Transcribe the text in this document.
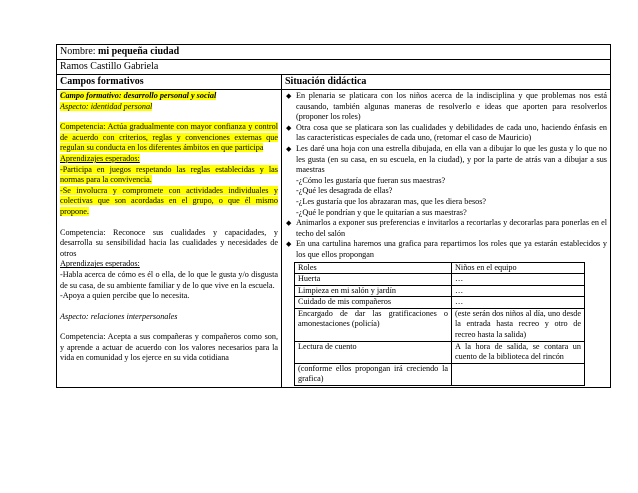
Nombre: mi pequeña ciudad
Ramos Castillo Gabriela
Campos formativos	Situación didáctica

Campo formativo: desarrollo personal y social

Aspecto: identidad personal

Competencia: Actúa gradualmente con mayor confianza y control de acuerdo con criterios, reglas y convenciones externas que regulan su conducta en los diferentes ámbitos en que participa

Aprendizajes esperados:

-Participa en juegos respetando las reglas establecidas y las normas para la convivencia.

-Se involucra y compromete con actividades individuales y colectivas que son acordadas en el grupo, o que él mismo propone.

Competencia: Reconoce sus cualidades y capacidades, y desarrolla su sensibilidad hacia las cualidades y necesidades de otros

Aprendizajes esperados:

-Habla acerca de cómo es él o ella, de lo que le gusta y/o disgusta de su casa, de su ambiente familiar y de lo que vive en la escuela.

-Apoya a quien percibe que lo necesita.

Aspecto: relaciones interpersonales

Competencia: Acepta a sus compañeras y compañeros como son, y aprende a actuar de acuerdo con los valores necesarios para la vida en comunidad y los ejerce en su vida cotidiana

◆ En plenaria se platicara con los niños acerca de la indisciplina y que problemas nos está causando, también algunas maneras de resolverlo e ideas que aporten para resolverlos (proponer los roles)
◆ Otra cosa que se platicara son las cualidades y debilidades de cada uno, haciendo énfasis en las características especiales de cada uno, (retomar el caso de Mauricio)
◆ Les daré una hoja con una estrella dibujada, en ella van a dibujar lo que les gusta y lo que no les gusta (en su casa, en su escuela, en la ciudad), y por la parte de atrás van a dibujar a sus maestras

-¿Cómo les gustaría que fueran sus maestras?

-¿Qué les desagrada de ellas?

-¿Les gustaría que los abrazaran mas, que les diera besos?

-¿Qué le pondrían y que le quitarían a sus maestras?

◆ Animarlos a exponer sus preferencias e invitarlos a recortarlas y decorarlas para ponerlas en el techo del salón
◆ En una cartulina haremos una grafica para repartirnos los roles que ya estarán establecidos y los que ellos propongan
Roles	Niños en el equipo
Huerta	…
Limpieza en mi salón y jardín	…
Cuidado de mis compañeros	…
Encargado de dar las gratificaciones o amonestaciones (policía)	(este serán dos niños al día, uno desde la entrada hasta recreo y otro de recreo hasta la salida)
Lectura de cuento	A la hora de salida, se contara un cuento de la biblioteca del rincón
(conforme ellos propongan irá creciendo la grafica)	
